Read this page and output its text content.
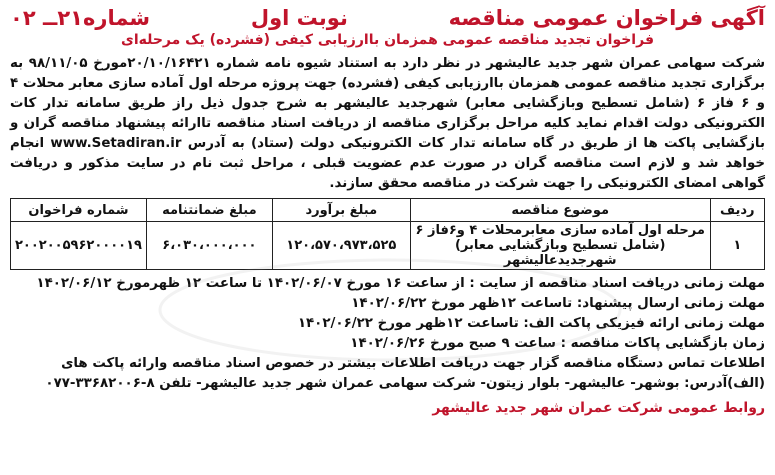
آگهی فراخوان عمومی مناقصه
نوبت اول
شماره۲۱ــ ۰۲
فراخوان تجدید مناقصه عمومی همزمان باارزیابی کیفی (فشرده) یک مرحله‌ای
شرکت سهامی عمران شهر جدید عالیشهر در نظر دارد به استناد شیوه نامه شماره ۲۰/۱۰/۱۶۴۲۱مورخ ۹۸/۱۱/۰۵ به برگزاری تجدید مناقصه عمومی همزمان باارزیابی کیفی (فشرده) جهت پروژه مرحله اول آماده سازی معابر محلات ۴ و ۶ فاز ۶ (شامل تسطیح وبازگشایی معابر) شهرجدید عالیشهر به شرح جدول ذیل راز طریق سامانه تدار کات الکترونیکی دولت اقدام نماید کلیه مراحل برگزاری مناقصه از دریافت اسناد مناقصه تاارائه پیشنهاد مناقصه گران و بازگشایی پاکت ها از طریق در گاه سامانه تدار کات الکترونیکی دولت (ستاد) به آدرس www.Setadiran.ir انجام خواهد شد و لازم است مناقصه گران در صورت عدم عضویت قبلی ، مراحل ثبت نام در سایت مذکور و دریافت گواهی امضای الکترونیکی را جهت شرکت در مناقصه محقق سازند.
ردیف	موضوع مناقصه	مبلغ برآورد	مبلغ ضمانتنامه	شماره فراخوان
۱	مرحله اول آماده سازی معابرمحلات ۴ و۶فاز ۶ (شامل تسطیح وبازگشایی معابر) شهرجدیدعالیشهر	۱۲۰،۵۷۰،۹۷۳،۵۲۵	۶،۰۳۰،۰۰۰،۰۰۰	۲۰۰۲۰۰۵۹۶۲۰۰۰۰۱۹
مهلت زمانی دریافت اسناد مناقصه از سایت : از ساعت ۱۶ مورخ ۱۴۰۲/۰۶/۰۷ تا ساعت ۱۲ ظهرمورخ ۱۴۰۲/۰۶/۱۲
مهلت زمانی ارسال پیشنهاد: تاساعت ۱۲ظهر مورخ ۱۴۰۲/۰۶/۲۲
مهلت زمانی ارائه فیزیکی پاکت الف: تاساعت ۱۲ظهر مورخ ۱۴۰۲/۰۶/۲۲
زمان بازگشایی پاکات مناقصه : ساعت ۹ صبح مورخ ۱۴۰۲/۰۶/۲۶
اطلاعات تماس دستگاه مناقصه گزار جهت دریافت اطلاعات بیشتر در خصوص اسناد مناقصه وارائه پاکت های (الف)آدرس: بوشهر- عالیشهر- بلوار زیتون- شرکت سهامی عمران شهر جدید عالیشهر- تلفن ۸-۳۳۶۸۲۰۰۶-۰۷۷
روابط عمومی شرکت عمران شهر جدید عالیشهر
